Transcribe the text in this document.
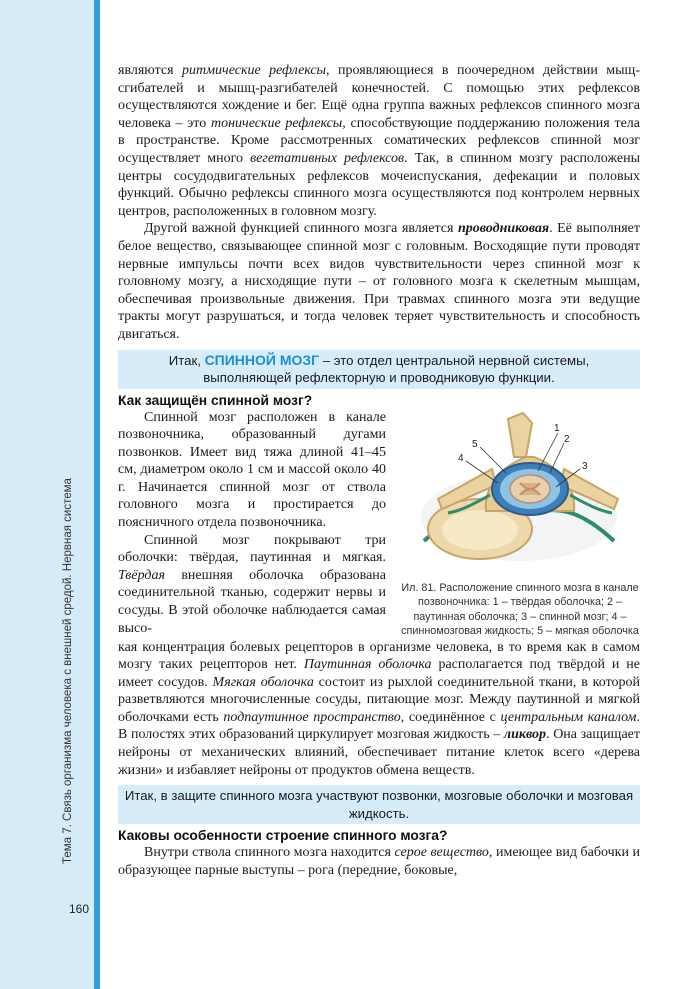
Тема 7. Связь организма человека с внешней средой. Нервная система
160

являются ритмические рефлексы, проявляющиеся в поочередном действии мыщ-сгибателей и мышц-разгибателей конечностей. С помощью этих рефлексов осуществляются хождение и бег. Ещё одна группа важных рефлексов спинного мозга человека – это тонические рефлексы, способствующие поддержанию положения тела в пространстве. Кроме рассмотренных соматических рефлексов спинной мозг осуществляет много вегетативных рефлексов. Так, в спинном мозгу расположены центры сосудодвигательных рефлексов мочеиспускания, дефекации и половых функций. Обычно рефлексы спинного мозга осуществляются под контролем нервных центров, расположенных в головном мозгу.

Другой важной функцией спинного мозга является проводниковая. Её выполняет белое вещество, связывающее спинной мозг с головным. Восходящие пути проводят нервные импульсы почти всех видов чувствительности через спинной мозг к головному мозгу, а нисходящие пути – от головного мозга к скелетным мышцам, обеспечивая произвольные движения. При травмах спинного мозга эти ведущие тракты могут разрушаться, и тогда человек теряет чувствительность и способность двигаться.

Итак, СПИННОЙ МОЗГ – это отдел центральной нервной системы, выполняющей рефлекторную и проводниковую функции.
Как защищён спинной мозг?

Спинной мозг расположен в канале позвоночника, образованный дугами позвонков. Имеет вид тяжа длиной 41–45 см, диаметром около 1 см и массой около 40 г. Начинается спинной мозг от ствола головного мозга и простирается до поясничного отдела позвоночника.

Спинной мозг покрывают три оболочки: твёрдая, паутинная и мягкая. Твёрдая внешняя оболочка образована соединительной тканью, содержит нервы и сосуды. В этой оболочке наблюдается самая высо-

1
2
3
4
5
Ил. 81. Расположение спинного мозга в канале позвоночника: 1 – твёрдая оболочка; 2 – паутинная оболочка; 3 – спинной мозг; 4 – спинномозговая жидкость; 5 – мягкая оболочка

кая концентрация болевых рецепторов в организме человека, в то время как в самом мозгу таких рецепторов нет. Паутинная оболочка располагается под твёрдой и не имеет сосудов. Мягкая оболочка состоит из рыхлой соединительной ткани, в которой разветвляются многочисленные сосуды, питающие мозг. Между паутинной и мягкой оболочками есть подпаутинное пространство, соединённое с центральным каналом. В полостях этих образований циркулирует мозговая жидкость – ликвор. Она защищает нейроны от механических влияний, обеспечивает питание клеток всего «дерева жизни» и избавляет нейроны от продуктов обмена веществ.

Итак, в защите спинного мозга участвуют позвонки, мозговые оболочки и мозговая жидкость.
Каковы особенности строение спинного мозга?

Внутри ствола спинного мозга находится серое вещество, имеющее вид бабочки и образующее парные выступы – рога (передние, боковые,
